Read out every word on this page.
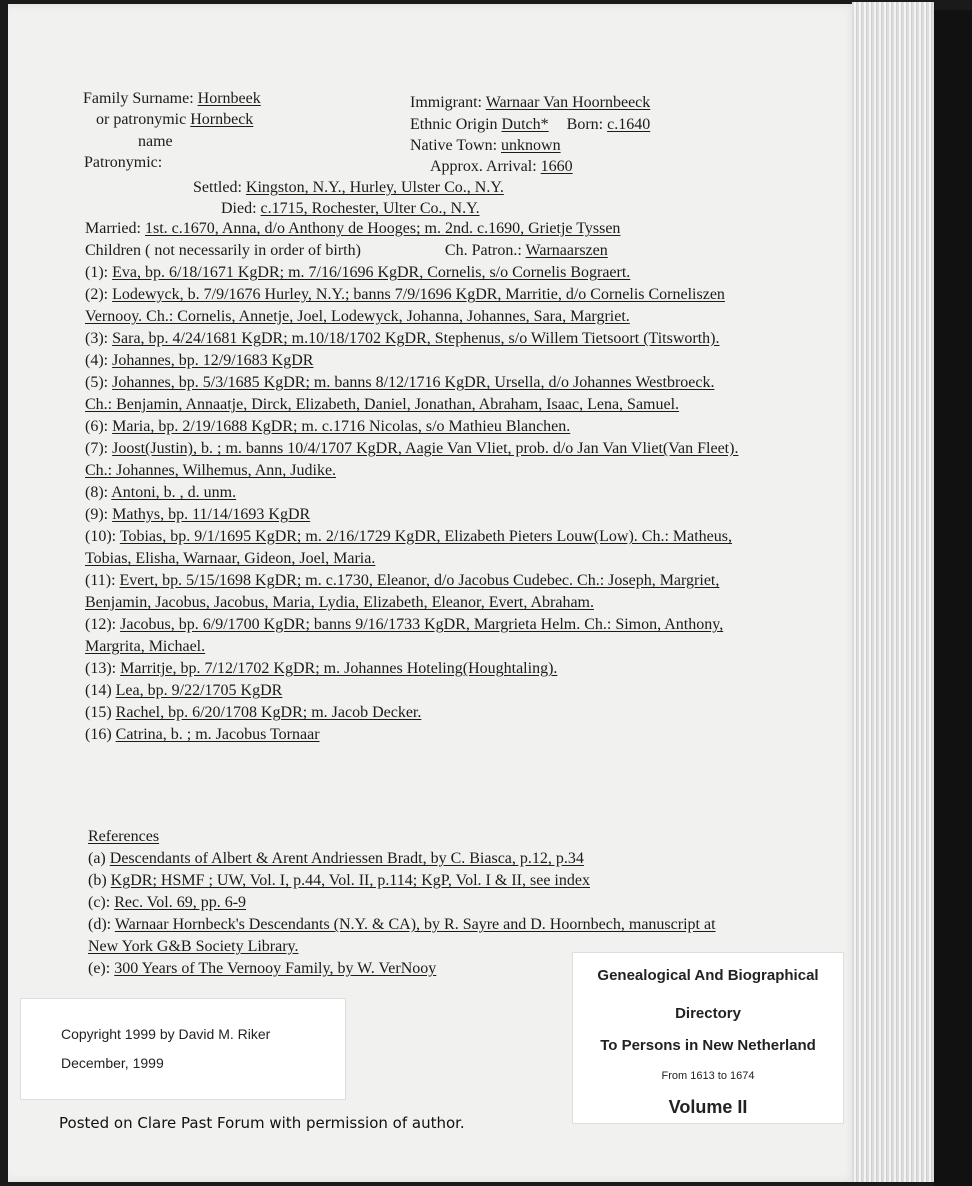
Family Surname: Hornbeek
or patronymic Hornbeck
name
Patronymic:
Immigrant: Warnaar Van Hoornbeeck
Ethnic Origin Dutch* Born: c.1640
Native Town: unknown
Approx. Arrival: 1660
Settled: Kingston, N.Y., Hurley, Ulster Co., N.Y.
Died: c.1715, Rochester, Ulter Co., N.Y.

Married: 1st. c.1670, Anna, d/o Anthony de Hooges; m. 2nd. c.1690, Grietje Tyssen

Children ( not necessarily in order of birth)	Ch. Patron.: Warnaarszen

(1): Eva, bp. 6/18/1671 KgDR; m. 7/16/1696 KgDR, Cornelis, s/o Cornelis Bograert.

(2): Lodewyck, b. 7/9/1676 Hurley, N.Y.; banns 7/9/1696 KgDR, Marritie, d/o Cornelis Corneliszen Vernooy. Ch.: Cornelis, Annetje, Joel, Lodewyck, Johanna, Johannes, Sara, Margriet.

(3): Sara, bp. 4/24/1681 KgDR; m.10/18/1702 KgDR, Stephenus, s/o Willem Tietsoort (Titsworth).

(4): Johannes, bp. 12/9/1683 KgDR

(5): Johannes, bp. 5/3/1685 KgDR; m. banns 8/12/1716 KgDR, Ursella, d/o Johannes Westbroeck. Ch.: Benjamin, Annaatje, Dirck, Elizabeth, Daniel, Jonathan, Abraham, Isaac, Lena, Samuel.

(6): Maria, bp. 2/19/1688 KgDR; m. c.1716 Nicolas, s/o Mathieu Blanchen.

(7): Joost(Justin), b. ; m. banns 10/4/1707 KgDR, Aagie Van Vliet, prob. d/o Jan Van Vliet(Van Fleet). Ch.: Johannes, Wilhemus, Ann, Judike.

(8): Antoni, b. , d. unm.

(9): Mathys, bp. 11/14/1693 KgDR

(10): Tobias, bp. 9/1/1695 KgDR; m. 2/16/1729 KgDR, Elizabeth Pieters Louw(Low). Ch.: Matheus, Tobias, Elisha, Warnaar, Gideon, Joel, Maria.

(11): Evert, bp. 5/15/1698 KgDR; m. c.1730, Eleanor, d/o Jacobus Cudebec. Ch.: Joseph, Margriet, Benjamin, Jacobus, Jacobus, Maria, Lydia, Elizabeth, Eleanor, Evert, Abraham.

(12): Jacobus, bp. 6/9/1700 KgDR; banns 9/16/1733 KgDR, Margrieta Helm. Ch.: Simon, Anthony, Margrita, Michael.

(13): Marritje, bp. 7/12/1702 KgDR; m. Johannes Hoteling(Houghtaling).

(14) Lea, bp. 9/22/1705 KgDR

(15) Rachel, bp. 6/20/1708 KgDR; m. Jacob Decker.

(16) Catrina, b. ; m. Jacobus Tornaar

References

(a) Descendants of Albert & Arent Andriessen Bradt, by C. Biasca, p.12, p.34

(b) KgDR; HSMF ; UW, Vol. I, p.44, Vol. II, p.114; KgP, Vol. I & II, see index

(c): Rec. Vol. 69, pp. 6-9

(d): Warnaar Hornbeck's Descendants (N.Y. & CA), by R. Sayre and D. Hoornbech, manuscript at New York G&B Society Library.

(e): 300 Years of The Vernooy Family, by W. VerNooy

Copyright 1999 by David M. Riker
December, 1999
Genealogical And Biographical
Directory
To Persons in New Netherland
From 1613 to 1674
Volume II
Posted on Clare Past Forum with permission of author.
